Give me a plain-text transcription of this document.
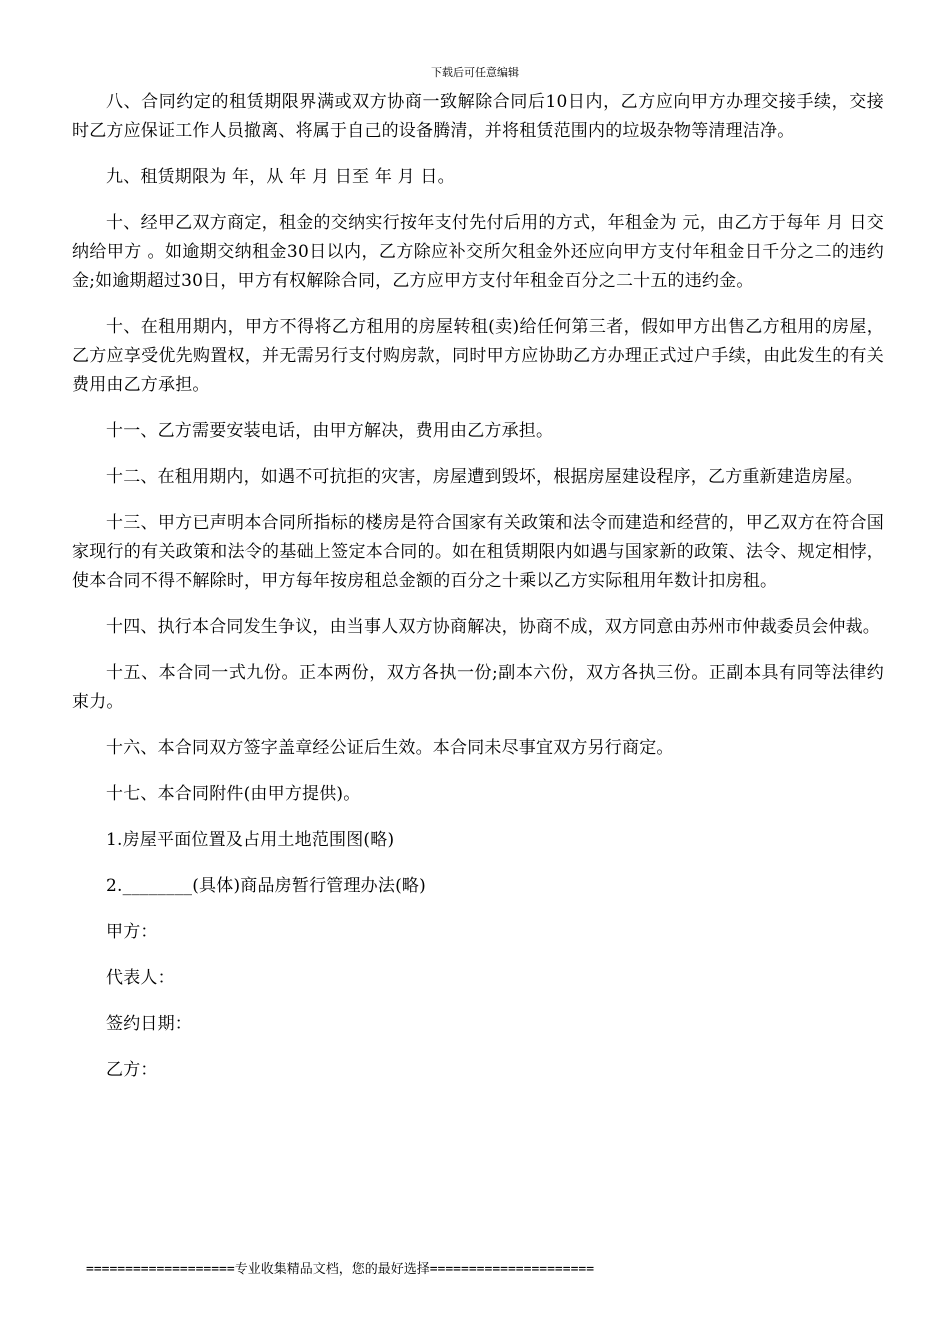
下载后可任意编辑

八、合同约定的租赁期限界满或双方协商一致解除合同后10日内，乙方应向甲方办理交接手续，交接时乙方应保证工作人员撤离、将属于自己的设备腾清，并将租赁范围内的垃圾杂物等清理洁净。

九、租赁期限为 年，从 年 月 日至 年 月 日。

十、经甲乙双方商定，租金的交纳实行按年支付先付后用的方式，年租金为 元，由乙方于每年 月 日交纳给甲方 。如逾期交纳租金30日以内，乙方除应补交所欠租金外还应向甲方支付年租金日千分之二的违约金;如逾期超过30日，甲方有权解除合同，乙方应甲方支付年租金百分之二十五的违约金。

十、在租用期内，甲方不得将乙方租用的房屋转租(卖)给任何第三者，假如甲方出售乙方租用的房屋，乙方应享受优先购置权，并无需另行支付购房款，同时甲方应协助乙方办理正式过户手续，由此发生的有关费用由乙方承担。

十一、乙方需要安装电话，由甲方解决，费用由乙方承担。

十二、在租用期内，如遇不可抗拒的灾害，房屋遭到毁坏，根据房屋建设程序，乙方重新建造房屋。

十三、甲方已声明本合同所指标的楼房是符合国家有关政策和法令而建造和经营的，甲乙双方在符合国家现行的有关政策和法令的基础上签定本合同的。如在租赁期限内如遇与国家新的政策、法令、规定相悖，使本合同不得不解除时，甲方每年按房租总金额的百分之十乘以乙方实际租用年数计扣房租。

十四、执行本合同发生争议，由当事人双方协商解决，协商不成，双方同意由苏州市仲裁委员会仲裁。

十五、本合同一式九份。正本两份，双方各执一份;副本六份，双方各执三份。正副本具有同等法律约束力。

十六、本合同双方签字盖章经公证后生效。本合同未尽事宜双方另行商定。

十七、本合同附件(由甲方提供)。

1.房屋平面位置及占用土地范围图(略)

2.________(具体)商品房暂行管理办法(略)

甲方：

代表人：

签约日期：

乙方：

===================专业收集精品文档，您的最好选择=====================
